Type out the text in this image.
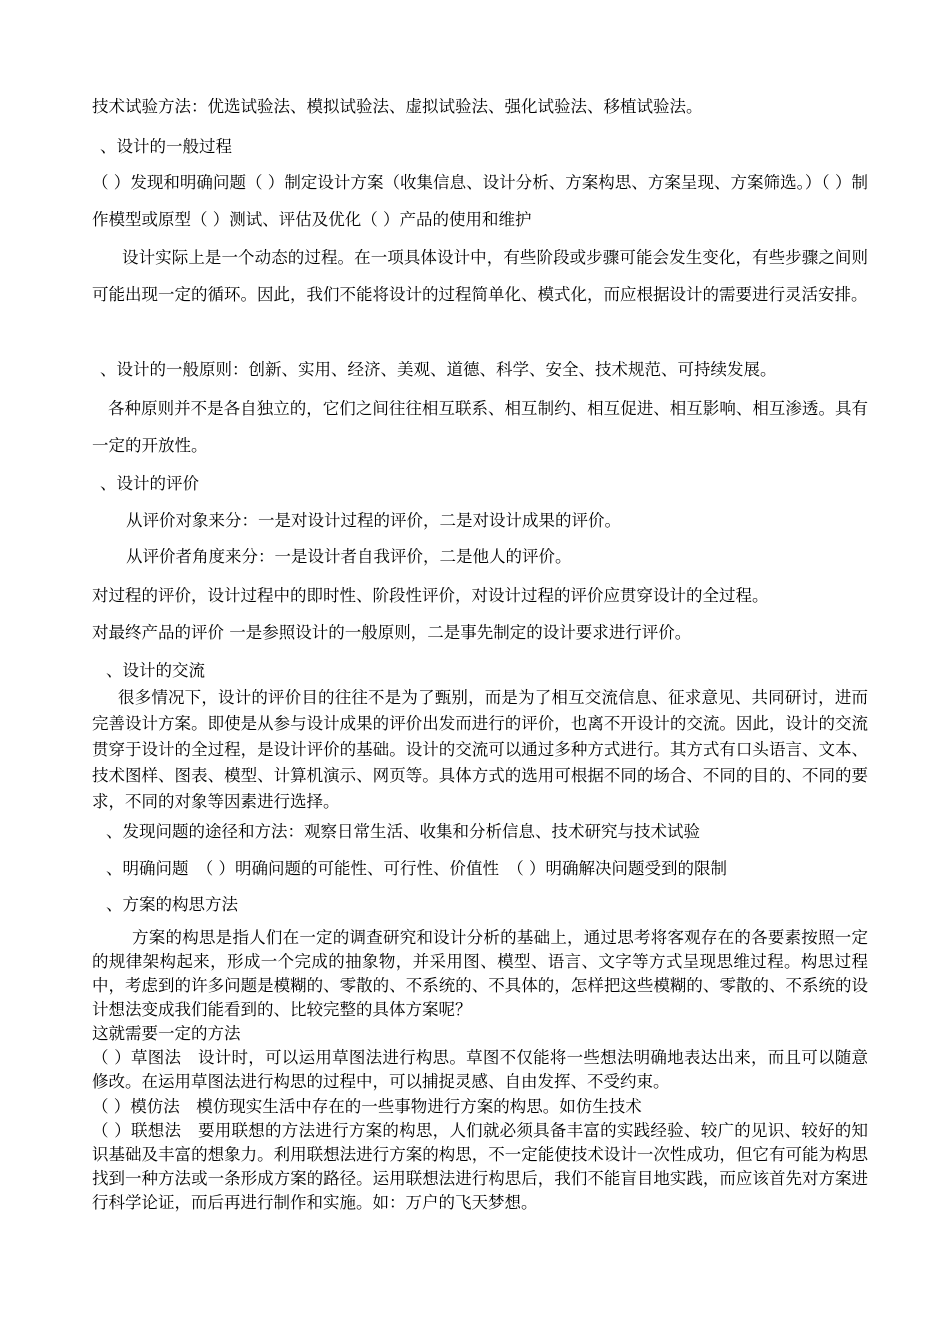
技术试验方法：优选试验法、模拟试验法、虚拟试验法、强化试验法、移植试验法。

、设计的一般过程

（ ）发现和明确问题（ ）制定设计方案（收集信息、设计分析、方案构思、方案呈现、方案筛选。）（ ）制作模型或原型（ ）测试、评估及优化（ ）产品的使用和维护

设计实际上是一个动态的过程。在一项具体设计中，有些阶段或步骤可能会发生变化，有些步骤之间则可能出现一定的循环。因此，我们不能将设计的过程简单化、模式化，而应根据设计的需要进行灵活安排。

、设计的一般原则：创新、实用、经济、美观、道德、科学、安全、技术规范、可持续发展。

各种原则并不是各自独立的，它们之间往往相互联系、相互制约、相互促进、相互影响、相互渗透。具有一定的开放性。

、设计的评价

从评价对象来分：一是对设计过程的评价，二是对设计成果的评价。

从评价者角度来分：一是设计者自我评价，二是他人的评价。

对过程的评价，设计过程中的即时性、阶段性评价，对设计过程的评价应贯穿设计的全过程。

对最终产品的评价 一是参照设计的一般原则，二是事先制定的设计要求进行评价。

、设计的交流

很多情况下，设计的评价目的往往不是为了甄别，而是为了相互交流信息、征求意见、共同研讨，进而完善设计方案。即使是从参与设计成果的评价出发而进行的评价，也离不开设计的交流。因此，设计的交流贯穿于设计的全过程，是设计评价的基础。设计的交流可以通过多种方式进行。其方式有口头语言、文本、技术图样、图表、模型、计算机演示、网页等。具体方式的选用可根据不同的场合、不同的目的、不同的要求，不同的对象等因素进行选择。

、发现问题的途径和方法：观察日常生活、收集和分析信息、技术研究与技术试验

、明确问题　（ ）明确问题的可能性、可行性、价值性　（ ）明确解决问题受到的限制

、方案的构思方法

方案的构思是指人们在一定的调查研究和设计分析的基础上，通过思考将客观存在的各要素按照一定的规律架构起来，形成一个完成的抽象物，并采用图、模型、语言、文字等方式呈现思维过程。构思过程中，考虑到的许多问题是模糊的、零散的、不系统的、不具体的，怎样把这些模糊的、零散的、不系统的设计想法变成我们能看到的、比较完整的具体方案呢？

这就需要一定的方法

（ ）草图法　设计时，可以运用草图法进行构思。草图不仅能将一些想法明确地表达出来，而且可以随意修改。在运用草图法进行构思的过程中，可以捕捉灵感、自由发挥、不受约束。

（ ）模仿法　模仿现实生活中存在的一些事物进行方案的构思。如仿生技术

（ ）联想法　要用联想的方法进行方案的构思，人们就必须具备丰富的实践经验、较广的见识、较好的知识基础及丰富的想象力。利用联想法进行方案的构思，不一定能使技术设计一次性成功，但它有可能为构思找到一种方法或一条形成方案的路径。运用联想法进行构思后，我们不能盲目地实践，而应该首先对方案进行科学论证，而后再进行制作和实施。如：万户的飞天梦想。
